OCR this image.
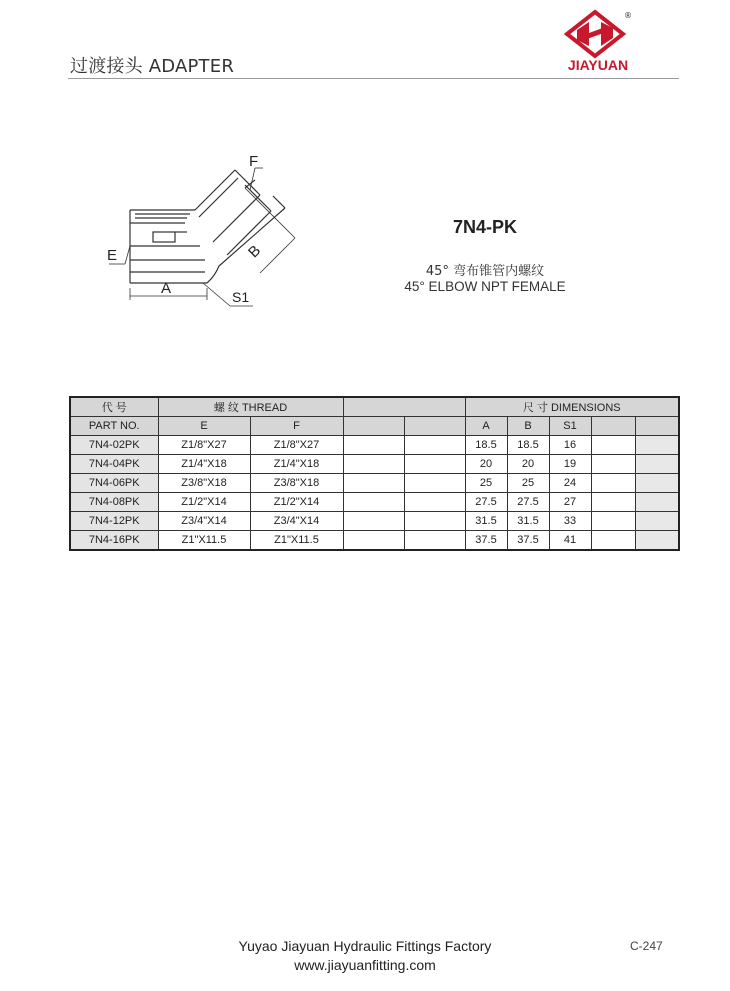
过渡接头 ADAPTER
®
JIAYUAN
F
E
A
B
S1
7N4-PK
45° 弯布锥管内螺纹
45° ELBOW NPT FEMALE
代 号	螺 纹 THREAD				尺 寸 DIMENSIONS				
PART NO.	E	F			A	B	S1		
7N4-02PK	Z1/8"X27	Z1/8"X27			18.5	18.5	16		
7N4-04PK	Z1/4"X18	Z1/4"X18			20	20	19		
7N4-06PK	Z3/8"X18	Z3/8"X18			25	25	24		
7N4-08PK	Z1/2"X14	Z1/2"X14			27.5	27.5	27		
7N4-12PK	Z3/4"X14	Z3/4"X14			31.5	31.5	33		
7N4-16PK	Z1"X11.5	Z1"X11.5			37.5	37.5	41		
Yuyao Jiayuan Hydraulic Fittings Factory
www.jiayuanfitting.com
C-247
